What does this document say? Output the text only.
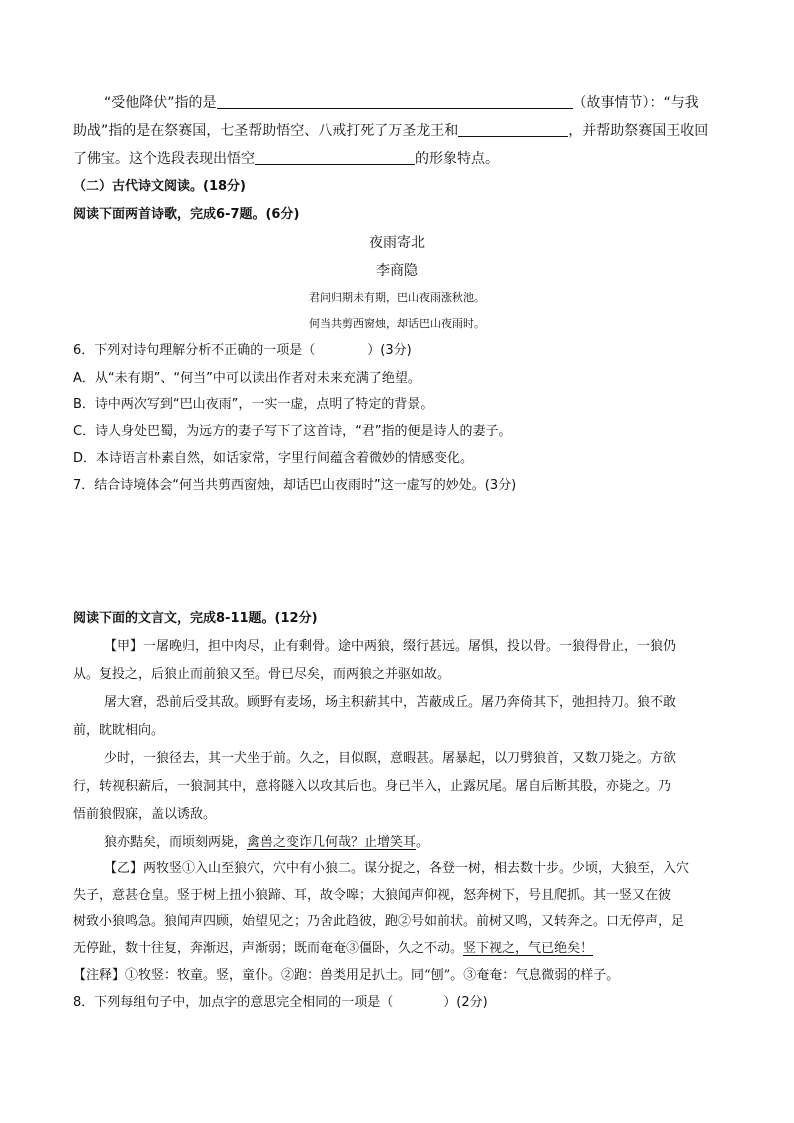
“受他降伏”指的是	（故事情节）：“与我
助战”指的是在祭赛国，七圣帮助悟空、八戒打死了万圣龙王和	，并帮助祭赛国王收回
了佛宝。这个选段表现出悟空	的形象特点。
（二）古代诗文阅读。(18分)
阅读下面两首诗歌，完成6-7题。(6分)
夜雨寄北
李商隐
君问归期未有期，巴山夜雨涨秋池。
何当共剪西窗烛，却话巴山夜雨时。
6．下列对诗句理解分析不正确的一项是（	）(3分)
A．从“未有期”、“何当”中可以读出作者对未来充满了绝望。
B．诗中两次写到“巴山夜雨”，一实一虚，点明了特定的背景。
C．诗人身处巴蜀，为远方的妻子写下了这首诗，“君”指的便是诗人的妻子。
D．本诗语言朴素自然，如话家常，字里行间蕴含着微妙的情感变化。
7．结合诗境体会“何当共剪西窗烛，却话巴山夜雨时”这一虚写的妙处。(3分)
阅读下面的文言文，完成8-11题。(12分)
【甲】一屠晚归，担中肉尽，止有剩骨。途中两狼，缀行甚远。屠惧，投以骨。一狼得骨止，一狼仍
从。复投之，后狼止而前狼又至。骨已尽矣，而两狼之并驱如故。
屠大窘，恐前后受其敌。顾野有麦场，场主积薪其中，苫蔽成丘。屠乃奔倚其下，弛担持刀。狼不敢
前，眈眈相向。
少时，一狼径去，其一犬坐于前。久之，目似瞑，意暇甚。屠暴起，以刀劈狼首，又数刀毙之。方欲
行，转视积薪后，一狼洞其中，意将隧入以攻其后也。身已半入，止露尻尾。屠自后断其股，亦毙之。乃
悟前狼假寐，盖以诱敌。
狼亦黠矣，而顷刻两毙，禽兽之变诈几何哉？止增笑耳。
【乙】两牧竖①入山至狼穴，穴中有小狼二。谋分捉之，各登一树，相去数十步。少顷，大狼至，入穴
失子，意甚仓皇。竖于树上扭小狼蹄、耳，故令嗥；大狼闻声仰视，怒奔树下，号且爬抓。其一竖又在彼
树致小狼鸣急。狼闻声四顾，始望见之；乃舍此趋彼，跑②号如前状。前树又鸣，又转奔之。口无停声，足
无停趾，数十往复，奔渐迟，声渐弱；既而奄奄③僵卧，久之不动。竖下视之，气已绝矣！
【注释】①牧竖：牧童。竖，童仆。②跑：兽类用足扒土。同“刨”。③奄奄：气息微弱的样子。
8．下列每组句子中，加点字的意思完全相同的一项是（	）(2分)
